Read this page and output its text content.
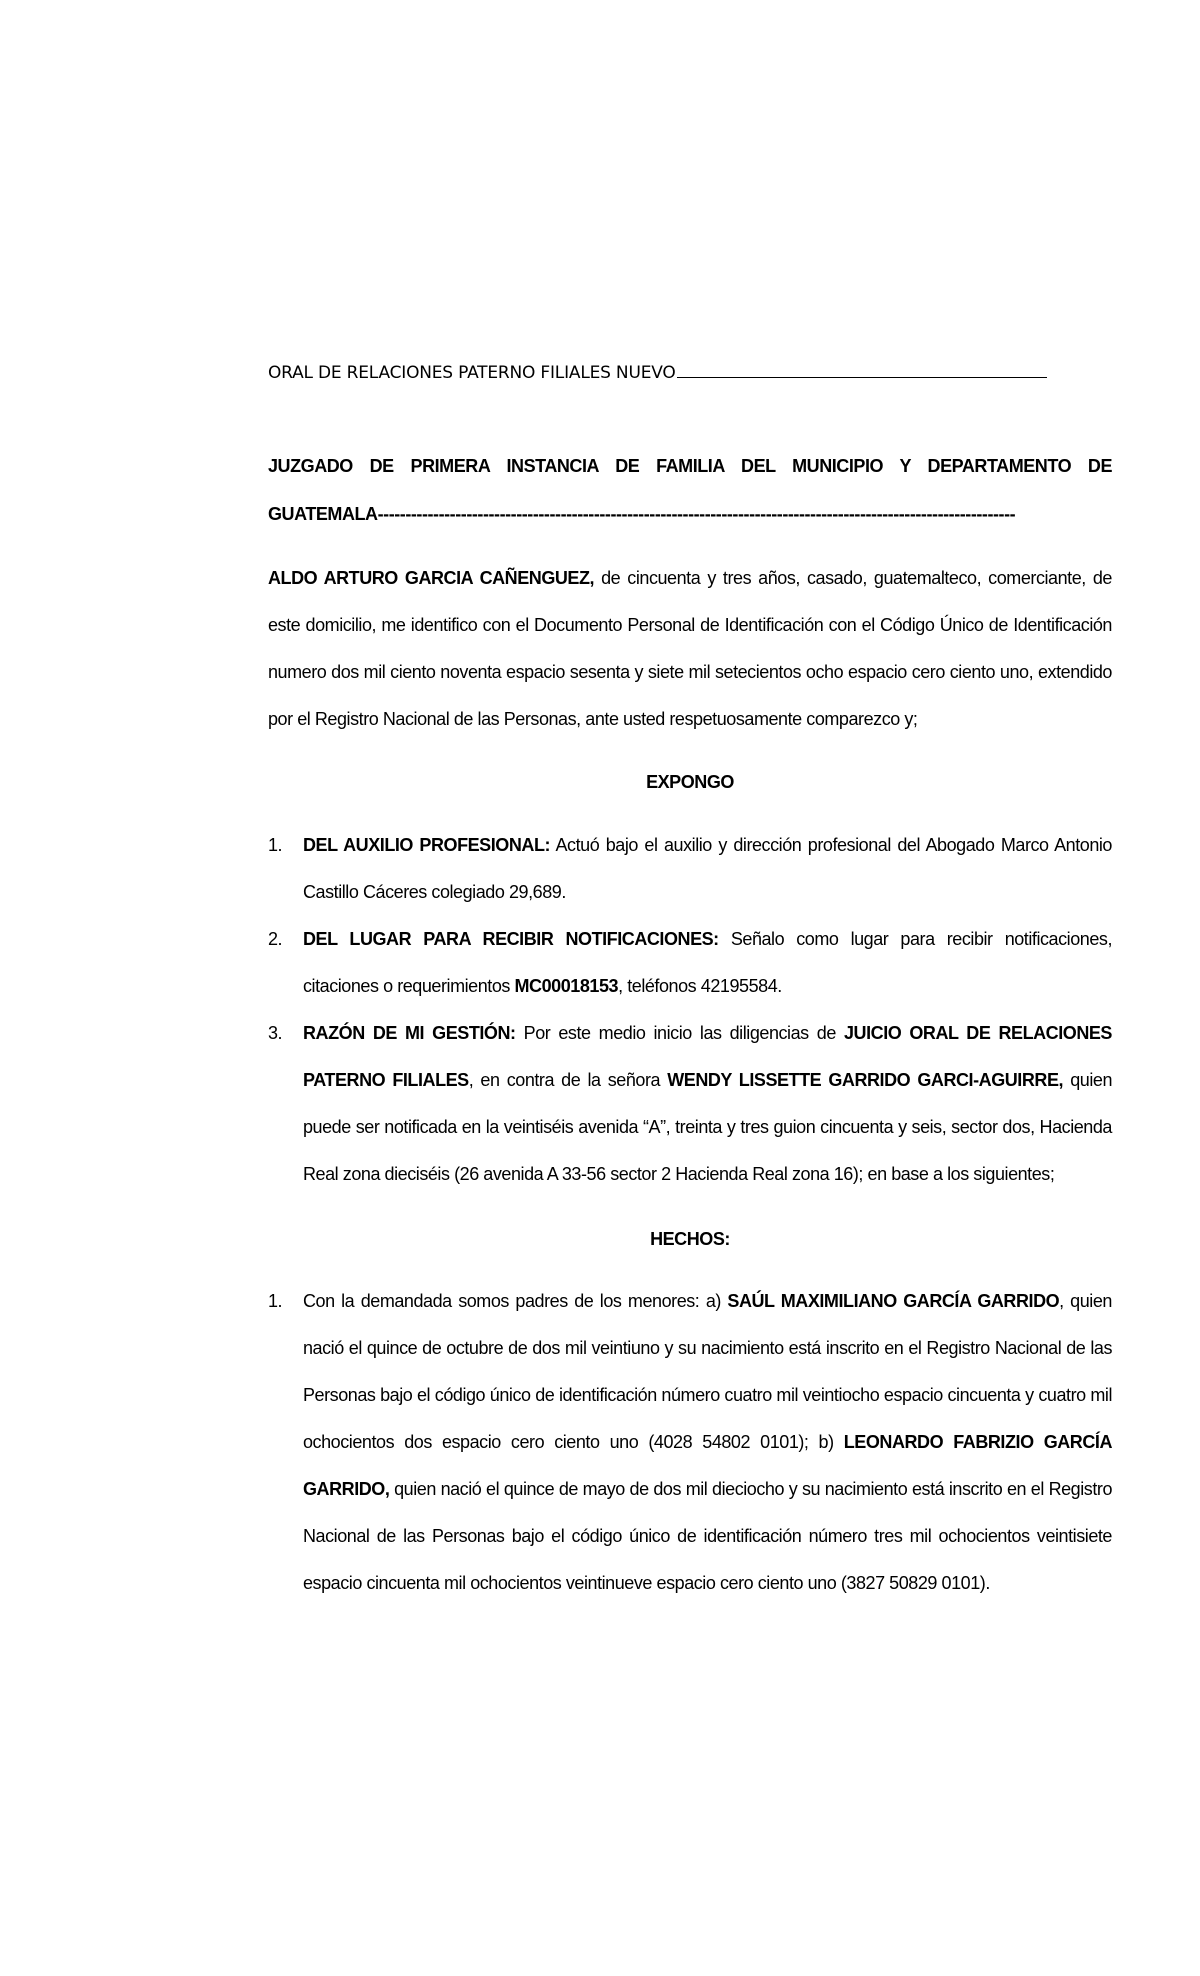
ORAL DE RELACIONES PATERNO FILIALES NUEVO
JUZGADO DE PRIMERA INSTANCIA DE FAMILIA DEL MUNICIPIO Y DEPARTAMENTO DE
GUATEMALA-------------------------------------------------------------------------------------------------------------------

ALDO ARTURO GARCIA CAÑENGUEZ, de cincuenta y tres años, casado, guatemalteco, comerciante, de este domicilio, me identifico con el Documento Personal de Identificación con el Código Único de Identificación numero dos mil ciento noventa espacio sesenta y siete mil setecientos ocho espacio cero ciento uno, extendido por el Registro Nacional de las Personas, ante usted respetuosamente comparezco y;

EXPONGO
1. DEL AUXILIO PROFESIONAL: Actuó bajo el auxilio y dirección profesional del Abogado Marco Antonio Castillo Cáceres colegiado 29,689.
2. DEL LUGAR PARA RECIBIR NOTIFICACIONES: Señalo como lugar para recibir notificaciones, citaciones o requerimientos MC00018153, teléfonos 42195584.
3. RAZÓN DE MI GESTIÓN: Por este medio inicio las diligencias de JUICIO ORAL DE RELACIONES PATERNO FILIALES, en contra de la señora WENDY LISSETTE GARRIDO GARCI-AGUIRRE, quien puede ser notificada en la veintiséis avenida “A”, treinta y tres guion cincuenta y seis, sector dos, Hacienda Real zona dieciséis (26 avenida A 33-56 sector 2 Hacienda Real zona 16); en base a los siguientes;
HECHOS:
1. Con la demandada somos padres de los menores: a) SAÚL MAXIMILIANO GARCÍA GARRIDO, quien nació el quince de octubre de dos mil veintiuno y su nacimiento está inscrito en el Registro Nacional de las Personas bajo el código único de identificación número cuatro mil veintiocho espacio cincuenta y cuatro mil ochocientos dos espacio cero ciento uno (4028 54802 0101); b) LEONARDO FABRIZIO GARCÍA GARRIDO, quien nació el quince de mayo de dos mil dieciocho y su nacimiento está inscrito en el Registro Nacional de las Personas bajo el código único de identificación número tres mil ochocientos veintisiete espacio cincuenta mil ochocientos veintinueve espacio cero ciento uno (3827 50829 0101).
